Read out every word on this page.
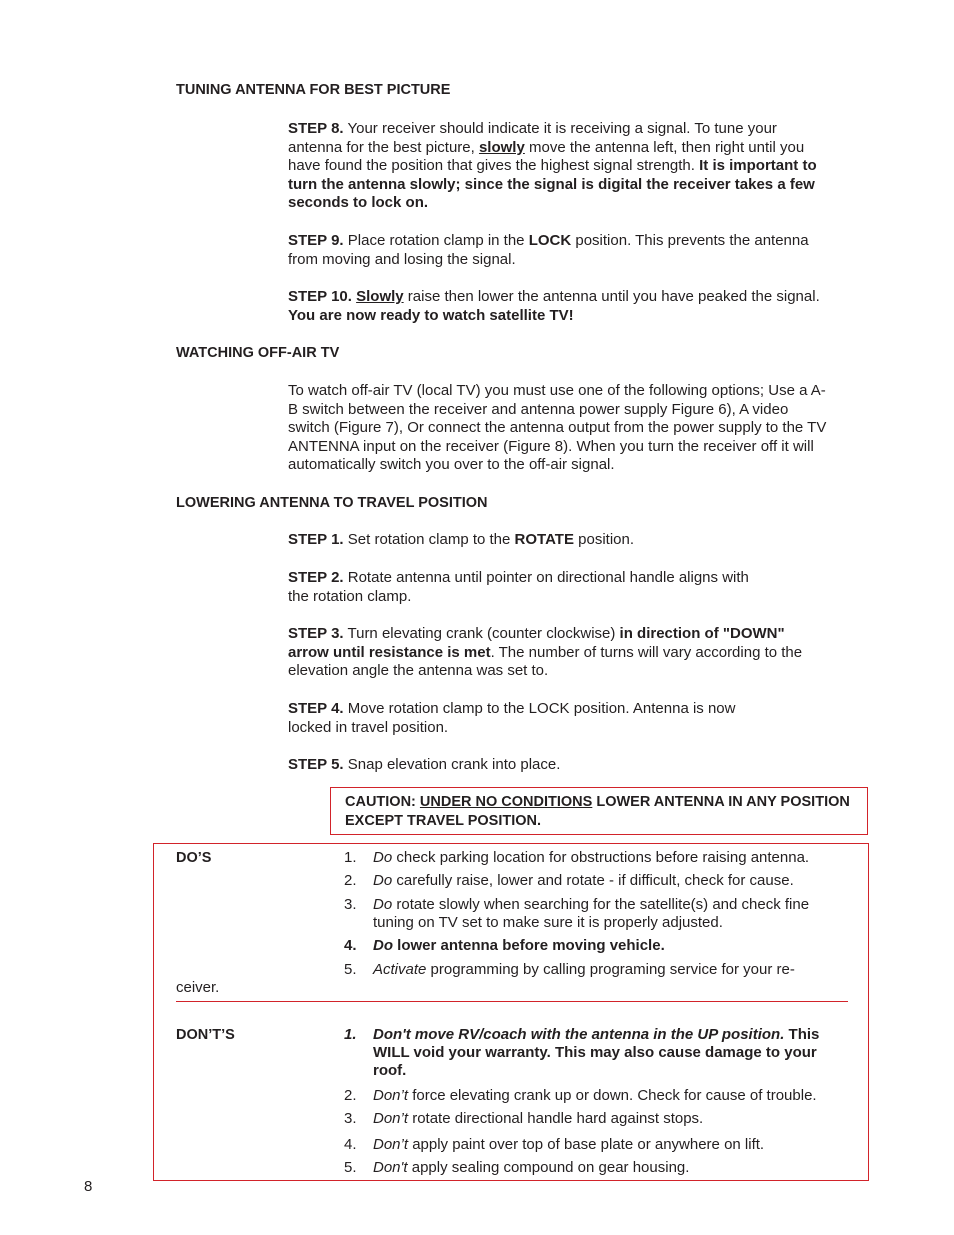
TUNING ANTENNA FOR BEST PICTURE
STEP 8. Your receiver should indicate it is receiving a signal. To tune your antenna for the best picture, slowly move the antenna left, then right until you have found the position that gives the highest signal strength. It is important to turn the antenna slowly; since the signal is digital the receiver takes a few seconds to lock on.
STEP 9. Place rotation clamp in the LOCK position. This prevents the antenna from moving and losing the signal.
STEP 10. Slowly raise then lower the antenna until you have peaked the signal. You are now ready to watch satellite TV!
WATCHING OFF-AIR TV
To watch off-air TV (local TV) you must use one of the following options; Use a A-B switch between the receiver and antenna power supply Figure 6), A video switch (Figure 7), Or connect the antenna output from the power supply to the TV ANTENNA input on the receiver (Figure 8). When you turn the receiver off it will automatically switch you over to the off-air signal.
LOWERING ANTENNA TO TRAVEL POSITION
STEP 1. Set rotation clamp to the ROTATE position.
STEP 2. Rotate antenna until pointer on directional handle aligns with
the rotation clamp.
STEP 3. Turn elevating crank (counter clockwise) in direction of "DOWN" arrow until resistance is met. The number of turns will vary according to the elevation angle the antenna was set to.
STEP 4. Move rotation clamp to the LOCK position. Antenna is now
locked in travel position.
STEP 5. Snap elevation crank into place.
CAUTION: UNDER NO CONDITIONS LOWER ANTENNA IN ANY POSITION EXCEPT TRAVEL POSITION.
DO’S	1. Do check parking location for obstructions before raising antenna.
2. Do carefully raise, lower and rotate - if difficult, check for cause.
3. Do rotate slowly when searching for the satellite(s) and check fine tuning on TV set to make sure it is properly adjusted.
4. Do lower antenna before moving vehicle.
5. Activate programming by calling programing service for your re-
ceiver.
DON’T’S	1. Don't move RV/coach with the antenna in the UP position. This WILL void your warranty. This may also cause damage to your roof.
2. Don’t force elevating crank up or down. Check for cause of trouble.
3. Don’t rotate directional handle hard against stops.
4. Don’t apply paint over top of base plate or anywhere on lift.
5. Don't apply sealing compound on gear housing.
8
